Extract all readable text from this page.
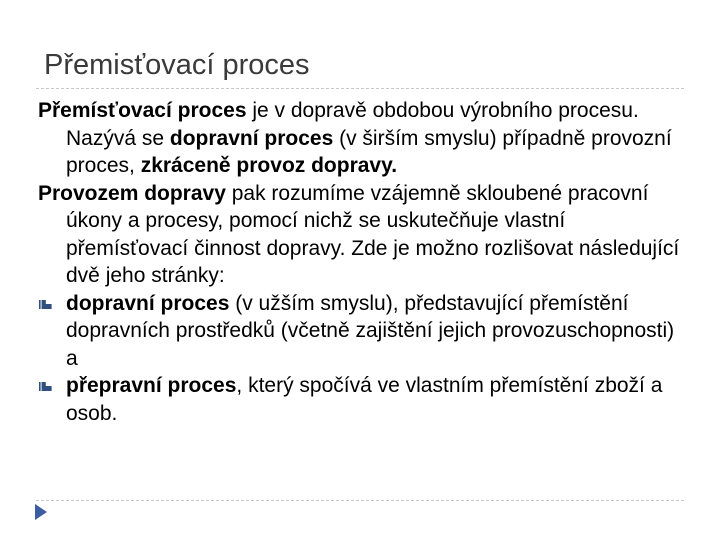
Přemisťovací proces
Přemísťovací proces je v dopravě obdobou výrobního procesu. Nazývá se dopravní proces (v širším smyslu) případně provozní proces, zkráceně provoz dopravy.
Provozem dopravy pak rozumíme vzájemně skloubené pracovní úkony a procesy, pomocí nichž se uskutečňuje vlastní přemísťovací činnost dopravy. Zde je možno rozlišovat následující dvě jeho stránky:
dopravní proces (v užším smyslu), představující přemístění dopravních prostředků (včetně zajištění jejich provozuschopnosti) a
přepravní proces, který spočívá ve vlastním přemístění zboží a osob.
